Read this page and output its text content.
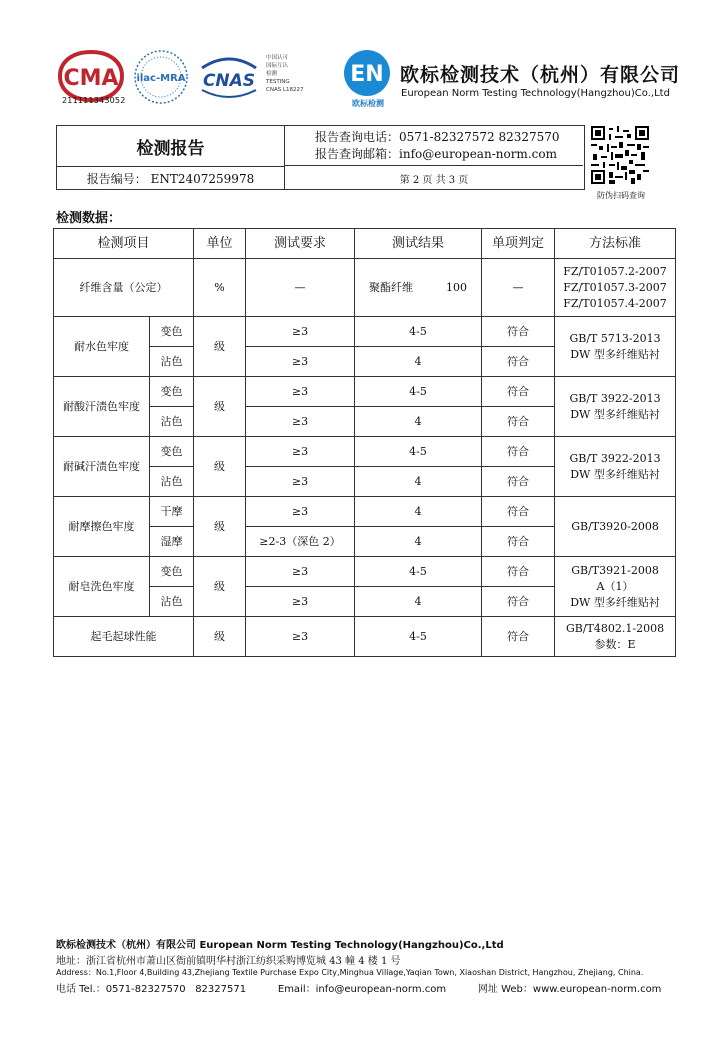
CMA
211111343052
ilac-MRA CNAS
中国认可
国际互认
检测
TESTING
CNAS L18227
EN
欧标检测
欧标检测技术（杭州）有限公司
European Norm Testing Technology(Hangzhou)Co.,Ltd
检测报告
报告查询电话：0571-82327572 82327570
报告查询邮箱：info@european-norm.com
报告编号： ENT2407259978	第 2 页 共 3 页
防伪扫码查询
检测数据：
检测项目		单位	测试要求	测试结果	单项判定	方法标准
纤维含量（公定）		%	—	聚酯纤维 100	—	FZ/T01057.2-2007
FZ/T01057.3-2007
FZ/T01057.4-2007

耐水色牢度	变色	级	≥3	4-5	符合	GB/T 5713-2013
DW 型多纤维贴衬

	沾色		≥3	4	符合	
耐酸汗渍色牢度	变色	级	≥3	4-5	符合	GB/T 3922-2013
DW 型多纤维贴衬

	沾色		≥3	4	符合	
耐碱汗渍色牢度	变色	级	≥3	4-5	符合	GB/T 3922-2013
DW 型多纤维贴衬

	沾色		≥3	4	符合	
耐摩擦色牢度	干摩	级	≥3	4	符合	GB/T3920-2008

	湿摩		≥2-3（深色 2）	4	符合	
耐皂洗色牢度	变色	级	≥3	4-5	符合	GB/T3921-2008
A（1）
DW 型多纤维贴衬

	沾色		≥3	4	符合	
起毛起球性能		级	≥3	4-5	符合	GB/T4802.1-2008
参数：E
欧标检测技术（杭州）有限公司 European Norm Testing Technology(Hangzhou)Co.,Ltd
地址：浙江省杭州市萧山区衙前镇明华村浙江纺织采购博览城 43 幢 4 楼 1 号
Address：No.1,Floor 4,Building 43,Zhejiang Textile Purchase Expo City,Minghua Village,Yaqian Town, Xiaoshan District, Hangzhou, Zhejiang, China.
电话 Tel.：0571-82327570   82327571          Email：info@european-norm.com          网址 Web：www.european-norm.com
